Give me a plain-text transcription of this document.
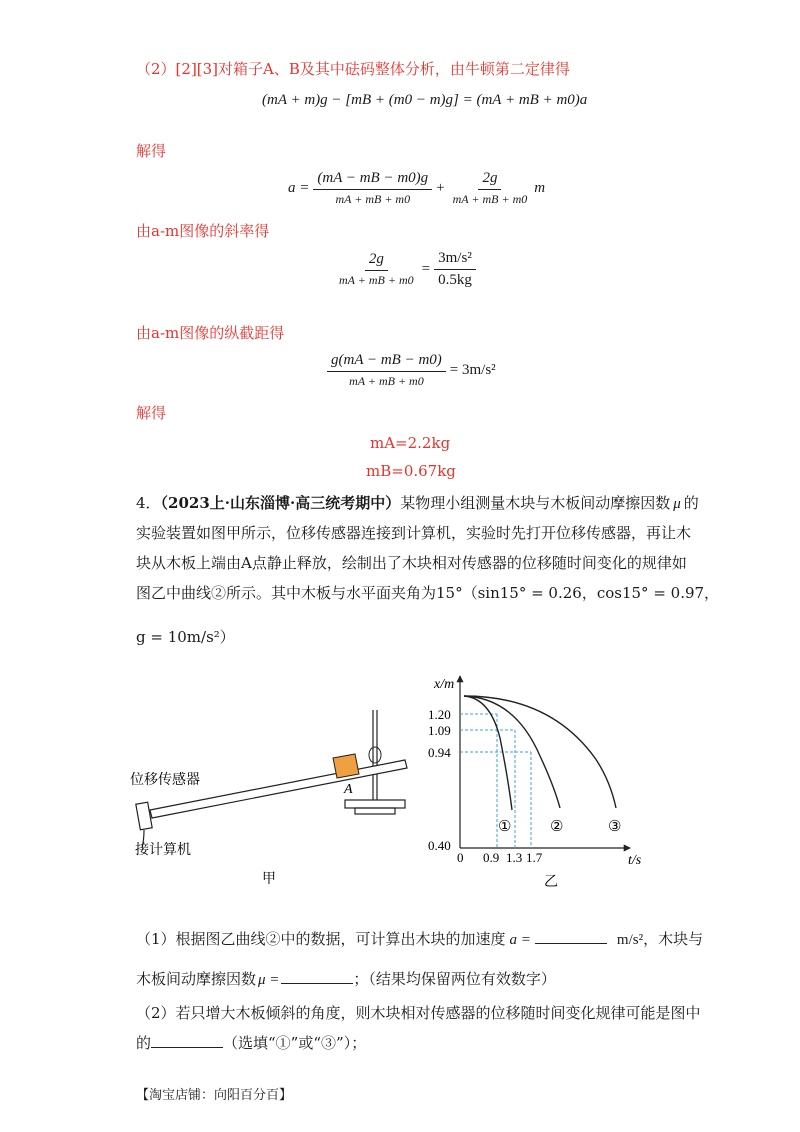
（2）[2][3]对箱子A、B及其中砝码整体分析，由牛顿第二定律得
(mA + m)g − [mB + (m0 − m)g] = (mA + mB + m0)a
解得
$a = \frac{(mA - mB - m0)g}{mA + mB + m0} + \frac{2g}{mA + mB + m0}$ m
由a-m图像的斜率得
$\frac{2g}{mA + mB + m0} = \frac{\text{3m/s²}}{0.5kg}$
由a-m图像的纵截距得
$\frac{g(mA - mB - m0)}{mA + mB + m0} = 3m/s^2$
解得
mA=2.2kg
mB=0.67kg
4．（2023上·山东淄博·高三统考期中）某物理小组测量木块与木板间动摩擦因数 μ 的
实验装置如图甲所示，位移传感器连接到计算机，实验时先打开位移传感器，再让木
块从木板上端由A点静止释放，绘制出了木块相对传感器的位移随时间变化的规律如
图乙中曲线②所示。其中木板与水平面夹角为15°（sin15° = 0.26，cos15° = 0.97，
g = 10m/s²）
位移传感器
A
接计算机
甲
1.20
1.09
0.94
0.40
0 0.9 1.3 1.7
x/m
t/s
①	②	③
乙
（1）根据图乙曲线②中的数据，可计算出木块的加速度 a =	m/s²，木块与
木板间动摩擦因数 μ =	；（结果均保留两位有效数字）
（2）若只增大木板倾斜的角度，则木块相对传感器的位移随时间变化规律可能是图中
的	（选填“①”或“③”）；
【淘宝店铺：向阳百分百】
